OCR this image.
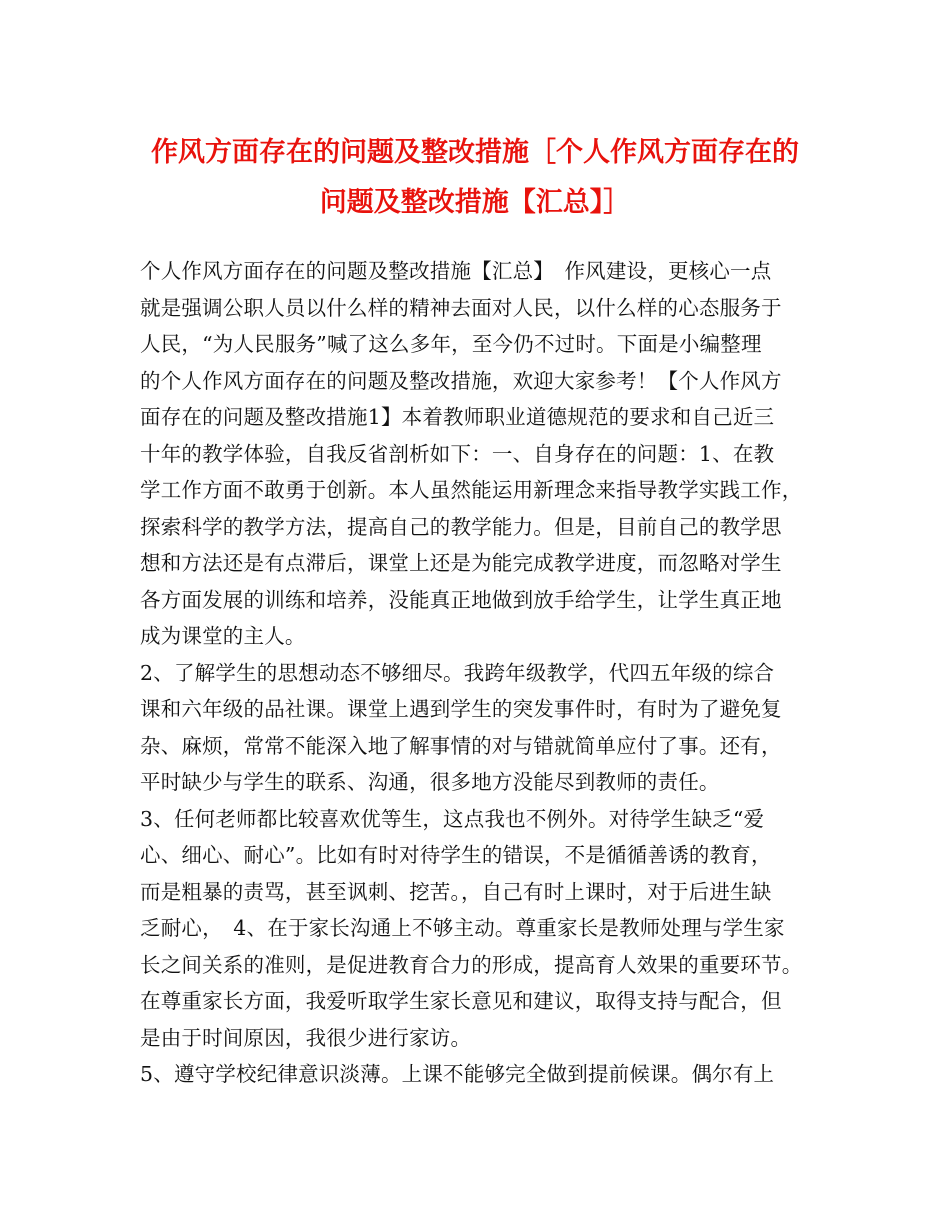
作风方面存在的问题及整改措施［个人作风方面存在的
问题及整改措施【汇总】］
个人作风方面存在的问题及整改措施【汇总】　作风建设，更核心一点
就是强调公职人员以什么样的精神去面对人民，以什么样的心态服务于
人民，“为人民服务”喊了这么多年，至今仍不过时。下面是小编整理
的个人作风方面存在的问题及整改措施，欢迎大家参考！【个人作风方
面存在的问题及整改措施1】本着教师职业道德规范的要求和自己近三
十年的教学体验，自我反省剖析如下：一、自身存在的问题：1、在教
学工作方面不敢勇于创新。本人虽然能运用新理念来指导教学实践工作，
探索科学的教学方法，提高自己的教学能力。但是，目前自己的教学思
想和方法还是有点滞后，课堂上还是为能完成教学进度，而忽略对学生
各方面发展的训练和培养，没能真正地做到放手给学生，让学生真正地
成为课堂的主人。
2、了解学生的思想动态不够细尽。我跨年级教学，代四五年级的综合
课和六年级的品社课。课堂上遇到学生的突发事件时，有时为了避免复
杂、麻烦，常常不能深入地了解事情的对与错就简单应付了事。还有，
平时缺少与学生的联系、沟通，很多地方没能尽到教师的责任。
3、任何老师都比较喜欢优等生，这点我也不例外。对待学生缺乏“爱
心、细心、耐心”。比如有时对待学生的错误，不是循循善诱的教育，
而是粗暴的责骂，甚至讽刺、挖苦。，自己有时上课时，对于后进生缺
乏耐心，　4、在于家长沟通上不够主动。尊重家长是教师处理与学生家
长之间关系的准则，是促进教育合力的形成，提高育人效果的重要环节。
在尊重家长方面，我爱听取学生家长意见和建议，取得支持与配合，但
是由于时间原因，我很少进行家访。
5、遵守学校纪律意识淡薄。上课不能够完全做到提前候课。偶尔有上
